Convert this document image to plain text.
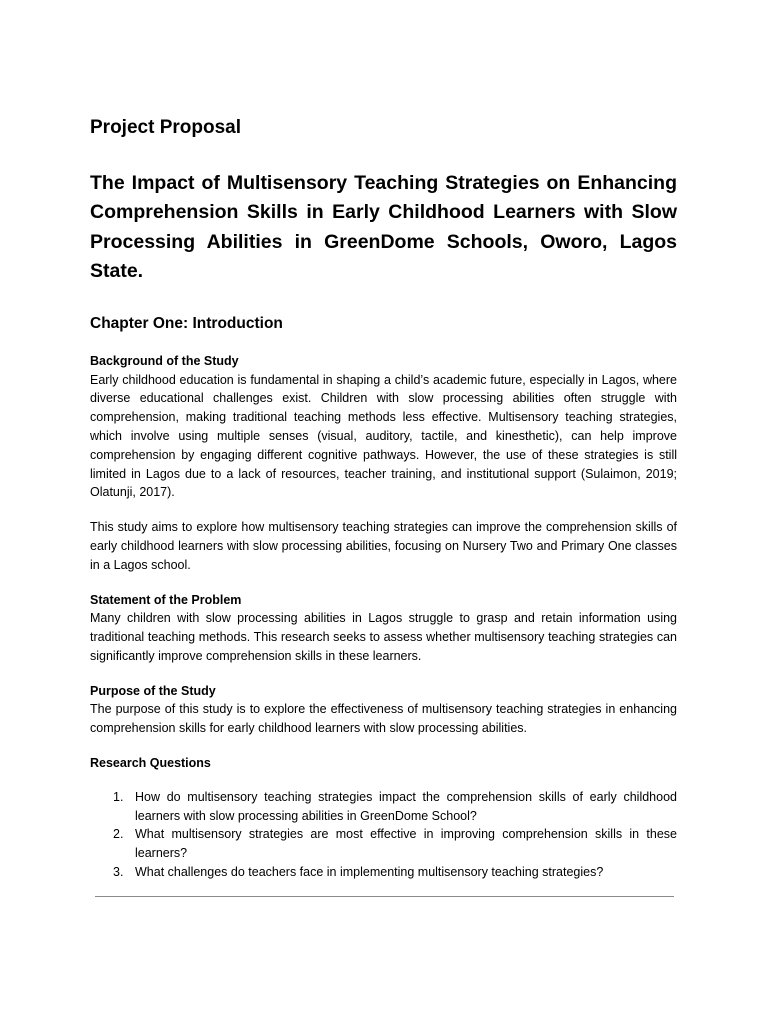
Project Proposal
The Impact of Multisensory Teaching Strategies on Enhancing Comprehension Skills in Early Childhood Learners with Slow Processing Abilities in GreenDome Schools, Oworo, Lagos State.
Chapter One: Introduction
Background of the Study

Early childhood education is fundamental in shaping a child’s academic future, especially in Lagos, where diverse educational challenges exist. Children with slow processing abilities often struggle with comprehension, making traditional teaching methods less effective. Multisensory teaching strategies, which involve using multiple senses (visual, auditory, tactile, and kinesthetic), can help improve comprehension by engaging different cognitive pathways. However, the use of these strategies is still limited in Lagos due to a lack of resources, teacher training, and institutional support (Sulaimon, 2019; Olatunji, 2017).

This study aims to explore how multisensory teaching strategies can improve the comprehension skills of early childhood learners with slow processing abilities, focusing on Nursery Two and Primary One classes in a Lagos school.

Statement of the Problem

Many children with slow processing abilities in Lagos struggle to grasp and retain information using traditional teaching methods. This research seeks to assess whether multisensory teaching strategies can significantly improve comprehension skills in these learners.

Purpose of the Study

The purpose of this study is to explore the effectiveness of multisensory teaching strategies in enhancing comprehension skills for early childhood learners with slow processing abilities.

Research Questions
1. How do multisensory teaching strategies impact the comprehension skills of early childhood learners with slow processing abilities in GreenDome School?
2. What multisensory strategies are most effective in improving comprehension skills in these learners?
3. What challenges do teachers face in implementing multisensory teaching strategies?
